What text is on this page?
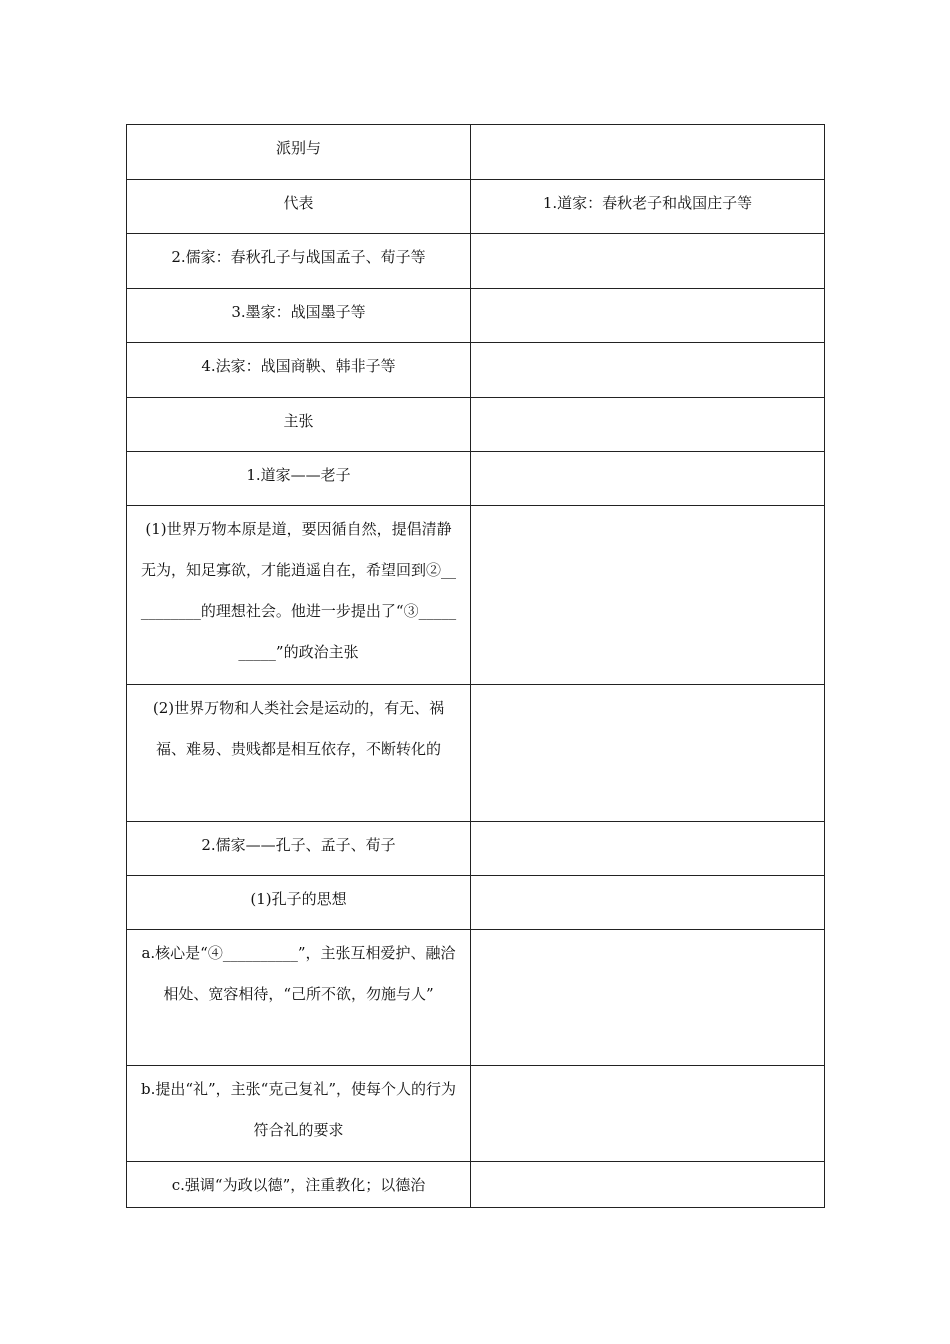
派别与	
代表	1.道家：春秋老子和战国庄子等
2.儒家：春秋孔子与战国孟子、荀子等	
3.墨家：战国墨子等	
4.法家：战国商鞅、韩非子等	
主张	
1.道家——老子	
(1)世界万物本原是道，要因循自然，提倡清静无为，知足寡欲，才能逍遥自在，希望回到②__________的理想社会。他进一步提出了“③__________”的政治主张	
(2)世界万物和人类社会是运动的，有无、祸福、难易、贵贱都是相互依存，不断转化的	
2.儒家——孔子、孟子、荀子	
(1)孔子的思想	
a.核心是“④__________”，主张互相爱护、融洽相处、宽容相待，“己所不欲，勿施与人”	
b.提出“礼”，主张“克己复礼”，使每个人的行为符合礼的要求	
c.强调“为政以德”，注重教化；以德治	
